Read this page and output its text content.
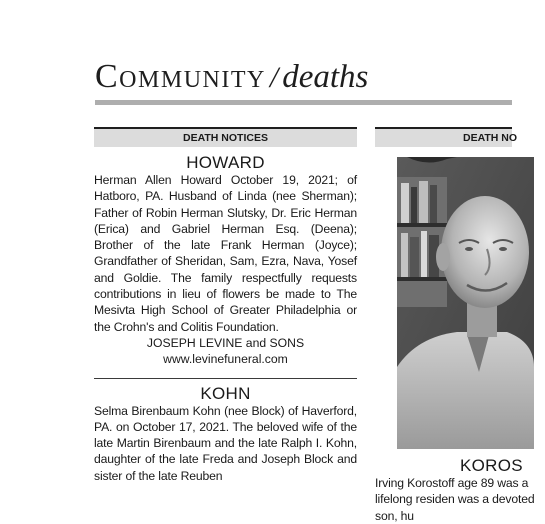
Community / deaths
DEATH NOTICES
HOWARD
Herman Allen Howard October 19, 2021; of Hatboro, PA. Husband of Linda (nee Sherman); Father of Robin Herman Slutsky, Dr. Eric Herman (Erica) and Gabriel Herman Esq. (Deena); Brother of the late Frank Herman (Joyce); Grandfather of Sheridan, Sam, Ezra, Nava, Yosef and Goldie. The family respectfully requests contributions in lieu of flowers be made to The Mesivta High School of Greater Philadelphia or the Crohn's and Colitis Foundation.
JOSEPH LEVINE and SONS
www.levinefuneral.com
KOHN
Selma Birenbaum Kohn (nee Block) of Haverford, PA. on October 17, 2021. The beloved wife of the late Martin Birenbaum and the late Ralph I. Kohn, daughter of the late Freda and Joseph Block and sister of the late Reuben
DEATH NO
KOROS
Irving Korostoff age 89 was a lifelong residen was a devoted son, hu
